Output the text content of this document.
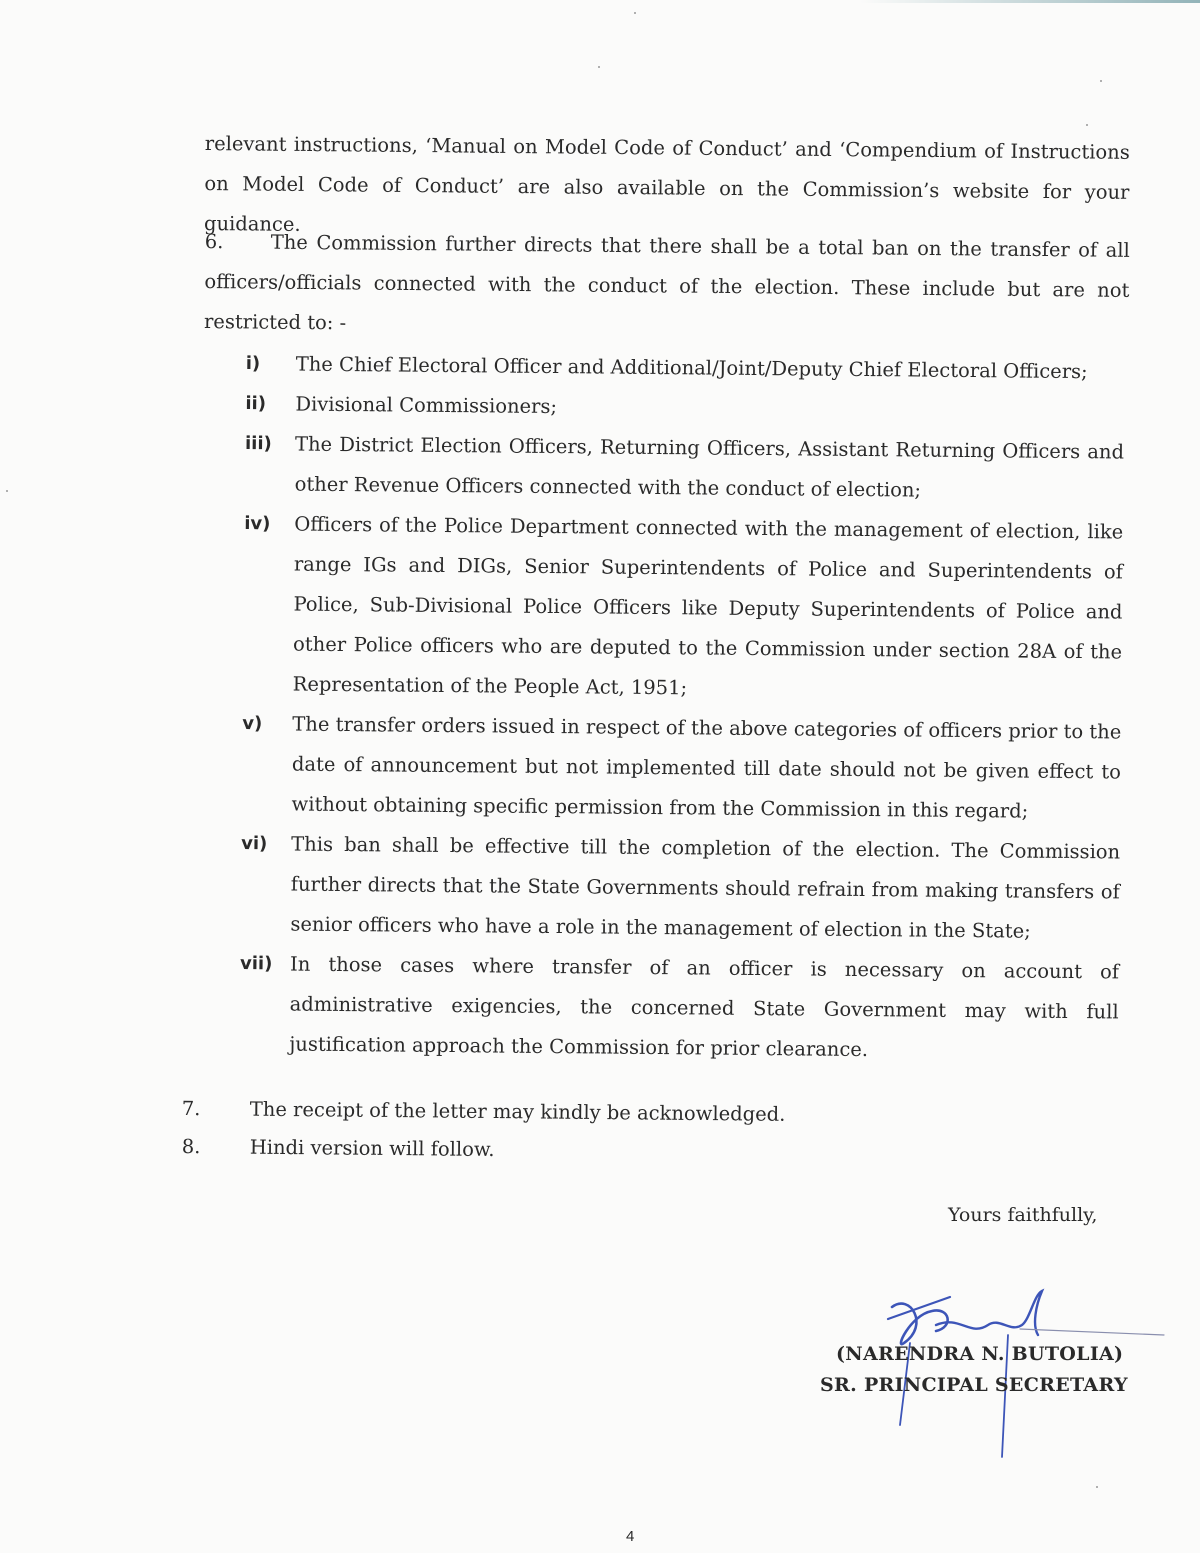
relevant instructions, ‘Manual on Model Code of Conduct’ and ‘Compendium of Instructions on Model Code of Conduct’ are also available on the Commission’s website for your guidance.
6. The Commission further directs that there shall be a total ban on the transfer of all officers/officials connected with the conduct of the election. These include but are not restricted to: -
i)	The Chief Electoral Officer and Additional/Joint/Deputy Chief Electoral Officers;
ii)	Divisional Commissioners;
iii)	The District Election Officers, Returning Officers, Assistant Returning Officers and other Revenue Officers connected with the conduct of election;
iv)	Officers of the Police Department connected with the management of election, like range IGs and DIGs, Senior Superintendents of Police and Superintendents of Police, Sub-Divisional Police Officers like Deputy Superintendents of Police and other Police officers who are deputed to the Commission under section 28A of the Representation of the People Act, 1951;
v)	The transfer orders issued in respect of the above categories of officers prior to the date of announcement but not implemented till date should not be given effect to without obtaining specific permission from the Commission in this regard;
vi)	This ban shall be effective till the completion of the election. The Commission further directs that the State Governments should refrain from making transfers of senior officers who have a role in the management of election in the State;
vii) In those cases where transfer of an officer is necessary on account of administrative exigencies, the concerned State Government may with full justification approach the Commission for prior clearance.
7.	The receipt of the letter may kindly be acknowledged.
8.	Hindi version will follow.
Yours faithfully,
(NARENDRA N. BUTOLIA)
SR. PRINCIPAL SECRETARY
4
